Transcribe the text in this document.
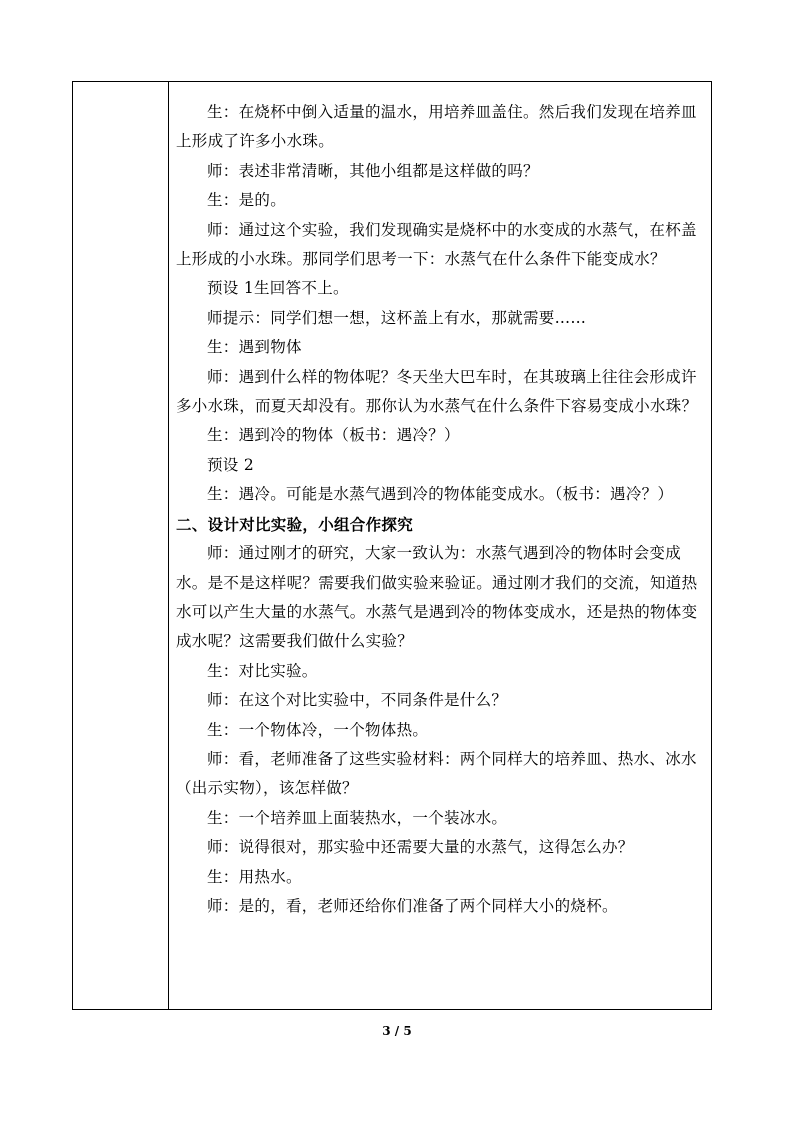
生：在烧杯中倒入适量的温水，用培养皿盖住。然后我们发现在培养皿上形成了许多小水珠。

师：表述非常清晰，其他小组都是这样做的吗？

生：是的。

师：通过这个实验，我们发现确实是烧杯中的水变成的水蒸气，在杯盖上形成的小水珠。那同学们思考一下：水蒸气在什么条件下能变成水？

预设 1生回答不上。

师提示：同学们想一想，这杯盖上有水，那就需要……

生：遇到物体

师：遇到什么样的物体呢？冬天坐大巴车时，在其玻璃上往往会形成许多小水珠，而夏天却没有。那你认为水蒸气在什么条件下容易变成小水珠？

生：遇到冷的物体（板书：遇冷？）

预设 2

生：遇冷。可能是水蒸气遇到冷的物体能变成水。（板书：遇冷？）

二、设计对比实验，小组合作探究

师：通过刚才的研究，大家一致认为：水蒸气遇到冷的物体时会变成水。是不是这样呢？需要我们做实验来验证。通过刚才我们的交流，知道热水可以产生大量的水蒸气。水蒸气是遇到冷的物体变成水，还是热的物体变成水呢？这需要我们做什么实验？

生：对比实验。

师：在这个对比实验中，不同条件是什么？

生：一个物体冷，一个物体热。

师：看，老师准备了这些实验材料：两个同样大的培养皿、热水、冰水（出示实物），该怎样做？

生：一个培养皿上面装热水，一个装冰水。

师：说得很对，那实验中还需要大量的水蒸气，这得怎么办？

生：用热水。

师：是的，看，老师还给你们准备了两个同样大小的烧杯。

3 / 5
